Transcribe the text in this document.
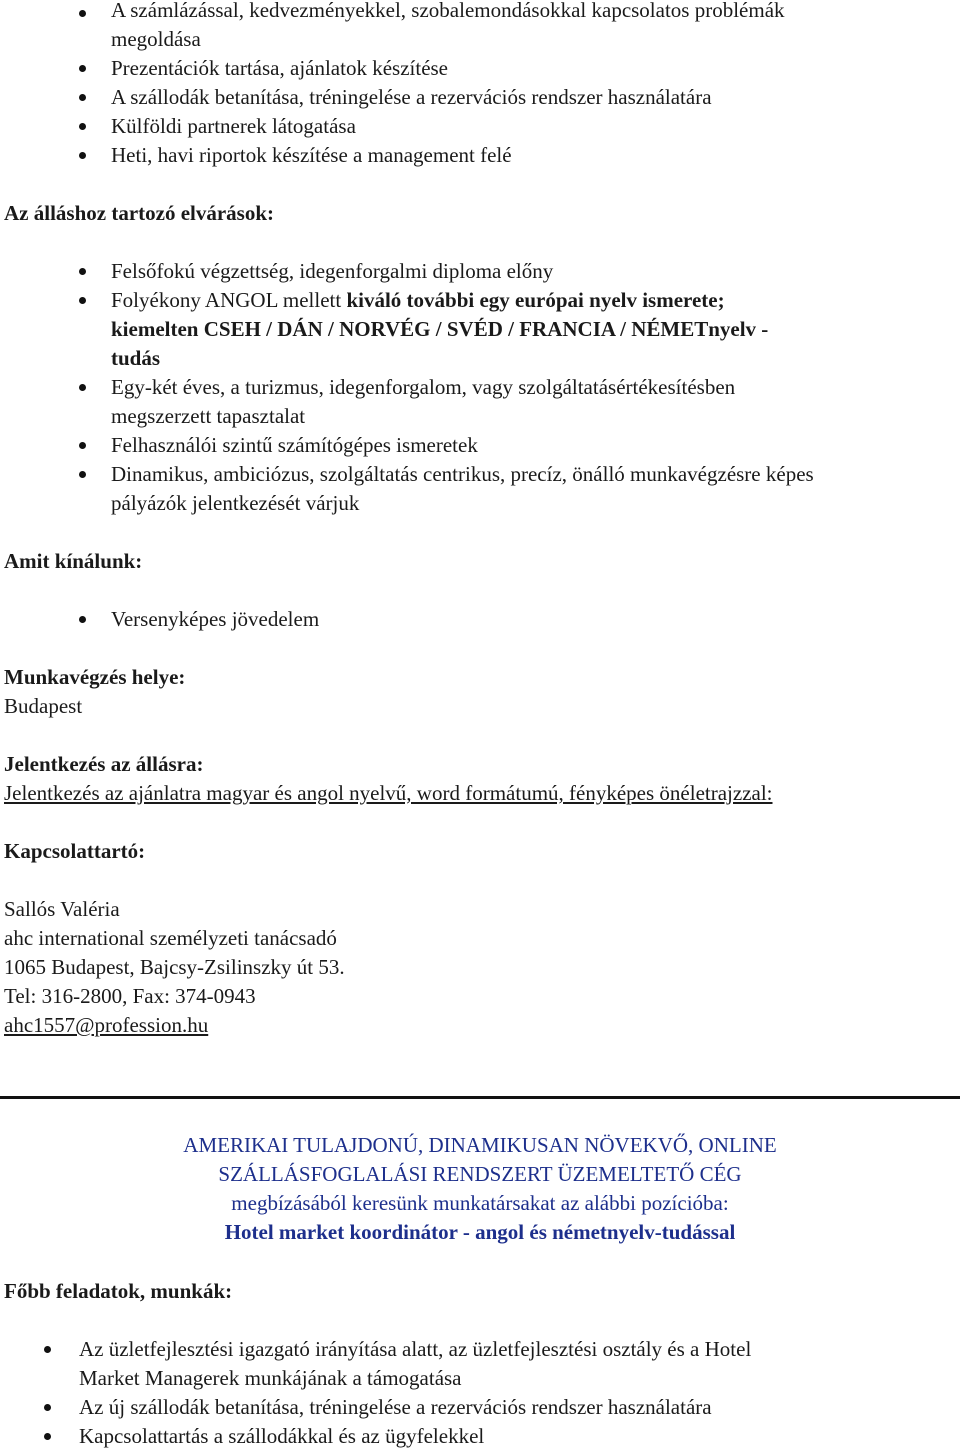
A számlázással, kedvezményekkel, szobalemondásokkal kapcsolatos problémák
megoldása
Prezentációk tartása, ajánlatok készítése
A szállodák betanítása, tréningelése a rezervációs rendszer használatára
Külföldi partnerek látogatása
Heti, havi riportok készítése a management felé
Az álláshoz tartozó elvárások:
Felsőfokú végzettség, idegenforgalmi diploma előny
Folyékony ANGOL mellett kiváló további egy európai nyelv ismerete;
kiemelten CSEH / DÁN / NORVÉG / SVÉD / FRANCIA / NÉMETnyelv -
tudás
Egy-két éves, a turizmus, idegenforgalom, vagy szolgáltatásértékesítésben
megszerzett tapasztalat
Felhasználói szintű számítógépes ismeretek
Dinamikus, ambiciózus, szolgáltatás centrikus, precíz, önálló munkavégzésre képes
pályázók jelentkezését várjuk
Amit kínálunk:
Versenyképes jövedelem
Munkavégzés helye:
Budapest
Jelentkezés az állásra:
Jelentkezés az ajánlatra magyar és angol nyelvű, word formátumú, fényképes önéletrajzzal:
Kapcsolattartó:
Sallós Valéria
ahc international személyzeti tanácsadó
1065 Budapest, Bajcsy-Zsilinszky út 53.
Tel: 316-2800, Fax: 374-0943
ahc1557@profession.hu
AMERIKAI TULAJDONÚ, DINAMIKUSAN NÖVEKVŐ, ONLINE
SZÁLLÁSFOGLALÁSI RENDSZERT ÜZEMELTETŐ CÉG
megbízásából keresünk munkatársakat az alábbi pozícióba:
Hotel market koordinátor - angol és németnyelv-tudással
Főbb feladatok, munkák:
Az üzletfejlesztési igazgató irányítása alatt, az üzletfejlesztési osztály és a Hotel
Market Managerek munkájának a támogatása
Az új szállodák betanítása, tréningelése a rezervációs rendszer használatára
Kapcsolattartás a szállodákkal és az ügyfelekkel
